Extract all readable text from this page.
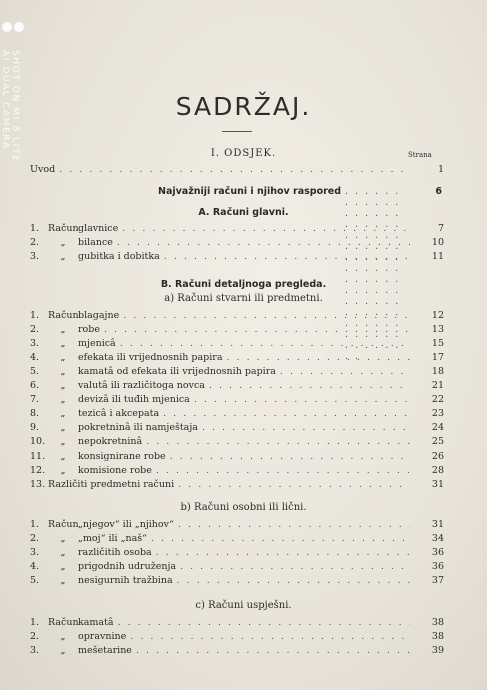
SHOT ON MI 8 LITE
AI DUAL CAMERA	SADRŽAJ.
I. ODSJEK.	Strana
Uvod . . .	1
Najvažniji računi i njihov raspored . . .	6
A. Računi glavni.
1. Računglavnice . . .	7
2. „ bilance . . .	10
3. „ gubitka i dobitka . . .	11
B. Računi detaljnoga pregleda.
a) Računi stvarni ili predmetni.
1. Računblagajne . . .	12
2. „ robe . . .	13
3. „ mjenicâ . . .	15
4. „ efekata ili vrijednosnih papira . . .	17
5. „ kamatâ od efekata ili vrijednosnih papira . . .	18
6. „ valutâ ili različitoga novca . . .	21
7. „ devizâ ili tuđih mjenica . . .	22
8. „ tezicâ i akcepata . . .	23
9. „ pokretninâ ili namještaja . . .	24
10. „ nepokretninâ . . .	25
11. „ konsignirane robe . . .	26
12. „ komisione robe . . .	28
13. Različiti predmetni računi . . .	31
b) Računi osobni ili lični.
1. Račun„njegov“ ili „njihov“ . . .	31
2. „ „moj“ ili „naš“ . . .	34
3. „ različitih osoba . . .	36
4. „ prigodnih udruženja . . .	36
5. „ nesigurnih tražbina . . .	37
c) Računi uspješni.
1. Računkamatâ . . .	38
2. „ opravnine . . .	38
3. „ mešetarine . . .	39
